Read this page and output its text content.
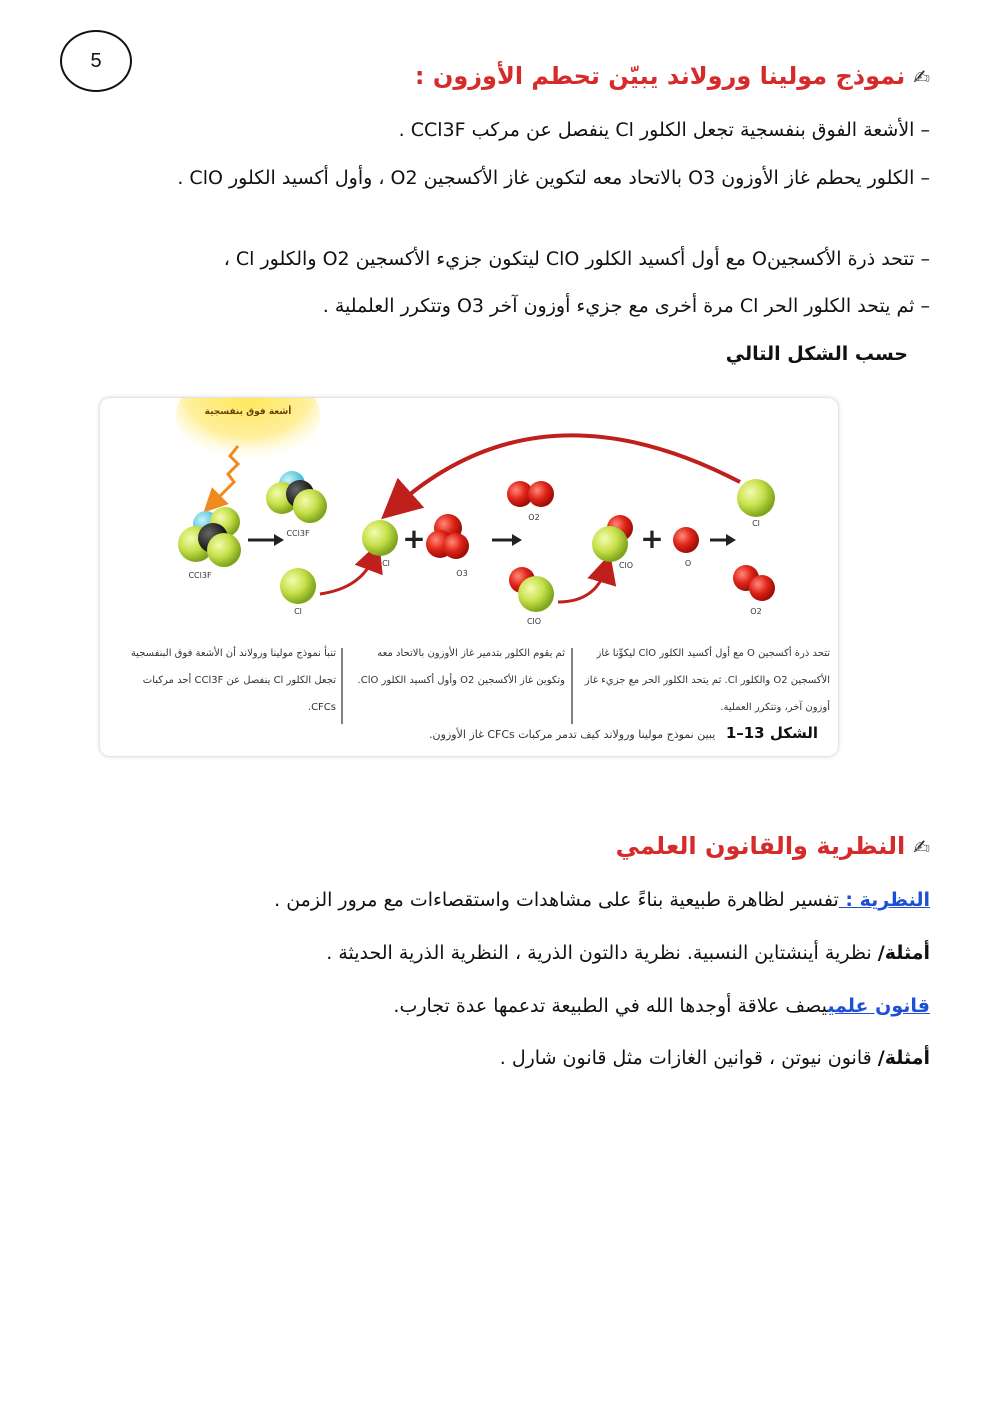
5
✍نموذج مولينا ورولاند يبيّن تحطم الأوزون :
– الأشعة الفوق بنفسجية تجعل الكلور Cl ينفصل عن مركب CCl3F .
– الكلور يحطم غاز الأوزون O3 بالاتحاد معه لتكوين غاز الأكسجين O2 ، وأول أكسيد الكلور ClO .
– تتحد ذرة الأكسجينO مع أول أكسيد الكلور ClO ليتكون جزيء الأكسجين O2 والكلور Cl ،
– ثم يتحد الكلور الحر Cl مرة أخرى مع جزيء أوزون آخر O3 وتتكرر العلملية .
حسب الشكل التالي
أشعة فوق بنفسجية
CCl3F
CCl3F
Cl
Cl
+
O3
O2
ClO
ClO
+
O
Cl
O2
تتحد ذرة أكسجين O مع أول أكسيد الكلور ClO ليكوِّنا غاز الأكسجين O2 والكلور Cl. ثم يتحد الكلور الحر مع جزيء غاز أوزون آخر، وتتكرر العملية.
ثم يقوم الكلور بتدمير غاز الأوزون بالاتحاد معه وتكوين غاز الأكسجين O2 وأول أكسيد الكلور ClO.
تنبأ نموذج مولينا ورولاند أن الأشعة فوق البنفسجية تجعل الكلور Cl ينفصل عن CCl3F أحد مركبات CFCs.
الشكل 13–1   يبين نموذج مولينا ورولاند كيف تدمر مركبات CFCs غاز الأوزون.
✍النظرية والقانون العلمي
النظرية : تفسير لظاهرة طبيعية بناءً على مشاهدات واستقصاءات مع مرور الزمن .
أمثلة/ نظرية أينشتاين النسبية. نظرية دالتون الذرية ، النظرية الذرية الحديثة .
قانون علمييصف علاقة أوجدها الله في الطبيعة تدعمها عدة تجارب.
أمثلة/ قانون نيوتن ، قوانين الغازات مثل قانون شارل .
